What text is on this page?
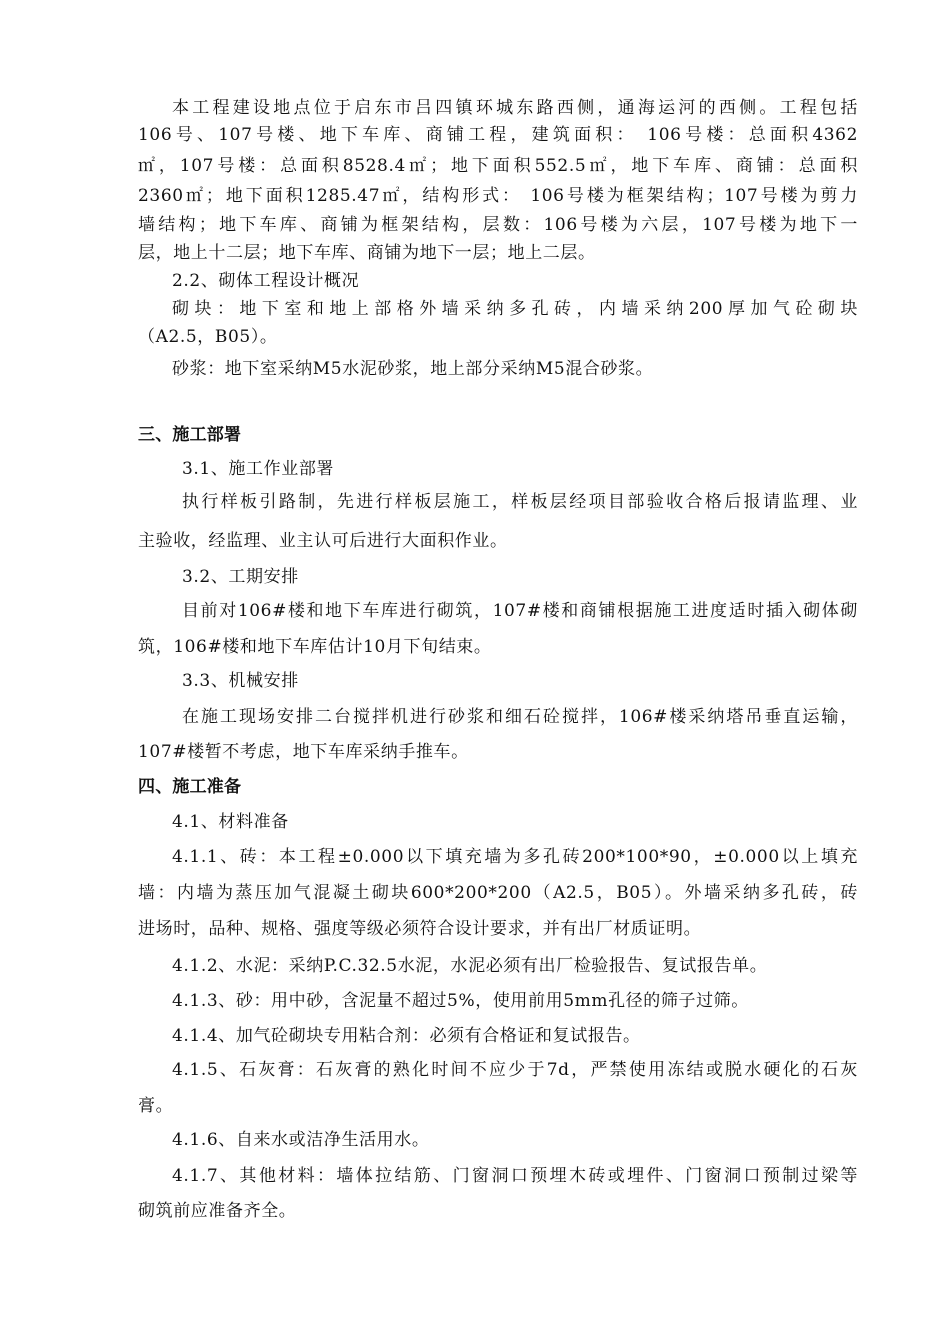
本工程建设地点位于启东市吕四镇环城东路西侧，通海运河的西侧。工程包括
106号、107号楼、地下车库、商铺工程，建筑面积： 106号楼：总面积4362
㎡，107号楼：总面积8528.4㎡；地下面积552.5㎡，地下车库、商铺：总面积
2360㎡；地下面积1285.47㎡，结构形式： 106号楼为框架结构；107号楼为剪力
墙结构；地下车库、商铺为框架结构，层数：106号楼为六层，107号楼为地下一
层，地上十二层；地下车库、商铺为地下一层；地上二层。
2.2、砌体工程设计概况
砌块：地下室和地上部格外墙采纳多孔砖，内墙采纳200厚加气砼砌块
（A2.5，B05）。
砂浆：地下室采纳M5水泥砂浆，地上部分采纳M5混合砂浆。
三、施工部署
3.1、施工作业部署
执行样板引路制，先进行样板层施工，样板层经项目部验收合格后报请监理、业
主验收，经监理、业主认可后进行大面积作业。
3.2、工期安排
目前对106#楼和地下车库进行砌筑，107#楼和商铺根据施工进度适时插入砌体砌
筑，106#楼和地下车库估计10月下旬结束。
3.3、机械安排
在施工现场安排二台搅拌机进行砂浆和细石砼搅拌，106#楼采纳塔吊垂直运输，
107#楼暂不考虑，地下车库采纳手推车。
四、施工准备
4.1、材料准备
4.1.1、砖：本工程±0.000以下填充墙为多孔砖200*100*90，±0.000以上填充
墙：内墙为蒸压加气混凝土砌块600*200*200（A2.5，B05）。外墙采纳多孔砖，砖
进场时，品种、规格、强度等级必须符合设计要求，并有出厂材质证明。
4.1.2、水泥：采纳P.C.32.5水泥，水泥必须有出厂检验报告、复试报告单。
4.1.3、砂：用中砂，含泥量不超过5%，使用前用5mm孔径的筛子过筛。
4.1.4、加气砼砌块专用粘合剂：必须有合格证和复试报告。
4.1.5、石灰膏：石灰膏的熟化时间不应少于7d，严禁使用冻结或脱水硬化的石灰
膏。
4.1.6、自来水或洁净生活用水。
4.1.7、其他材料：墙体拉结筋、门窗洞口预埋木砖或埋件、门窗洞口预制过梁等
砌筑前应准备齐全。
